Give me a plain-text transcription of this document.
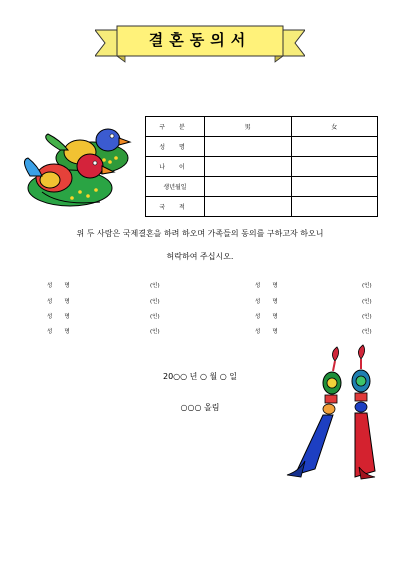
결혼동의서
구 분	男	女
성 명		
나 이		
생년월일		
국 적		
위 두 사람은 국제결혼을 하려 하오며 가족들의 동의를 구하고자 하오니
허락하여 주십시오.
성명	(인)
성명	(인)
성명	(인)
성명	(인)
성명	(인)
성명	(인)
성명	(인)
성명	(인)
20○○ 년 ○ 월 ○ 일
○○○ 올림
